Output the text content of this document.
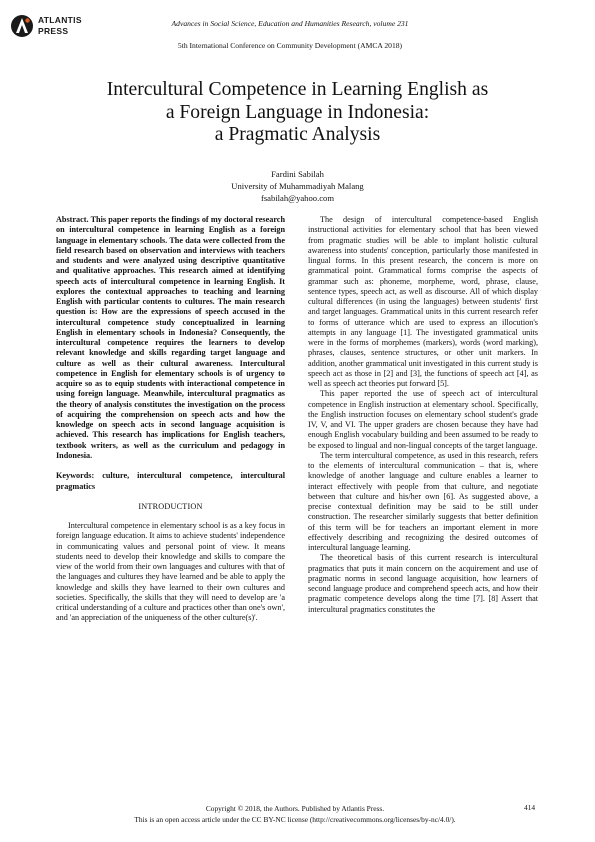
ATLANTIS
PRESS
Advances in Social Science, Education and Humanities Research, volume 231
5th International Conference on Community Development (AMCA 2018)
Intercultural Competence in Learning English as
a Foreign Language in Indonesia:
a Pragmatic Analysis
Fardini Sabilah
University of Muhammadiyah Malang
fsabilah@yahoo.com

Abstract. This paper reports the findings of my doctoral research on intercultural competence in learning English as a foreign language in elementary schools. The data were collected from the field research based on observation and interviews with teachers and students and were analyzed using descriptive quantitative and qualitative approaches. This research aimed at identifying speech acts of intercultural competence in learning English. It explores the contextual approaches to teaching and learning English with particular contents to cultures. The main research question is: How are the expressions of speech accused in the intercultural competence study conceptualized in learning English in elementary schools in Indonesia? Consequently, the intercultural competence requires the learners to develop relevant knowledge and skills regarding target language and culture as well as their cultural awareness. Intercultural competence in English for elementary schools is of urgency to acquire so as to equip students with interactional competence in using foreign language. Meanwhile, intercultural pragmatics as the theory of analysis constitutes the investigation on the process of acquiring the comprehension on speech acts and how the knowledge on speech acts in second language acquisition is achieved. This research has implications for English teachers, textbook writers, as well as the curriculum and pedagogy in Indonesia.

Keywords: culture, intercultural competence, intercultural pragmatics

INTRODUCTION

Intercultural competence in elementary school is as a key focus in foreign language education. It aims to achieve students' independence in communicating values and personal point of view. It means students need to develop their knowledge and skills to compare the view of the world from their own languages and cultures with that of the languages and cultures they have learned and be able to apply the knowledge and skills they have learned to their own cultures and societies. Specifically, the skills that they will need to develop are 'a critical understanding of a culture and practices other than one's own', and 'an appreciation of the uniqueness of the other culture(s)'.

The design of intercultural competence-based English instructional activities for elementary school that has been viewed from pragmatic studies will be able to implant holistic cultural awareness into students' conception, particularly those manifested in lingual forms. In this present research, the concern is more on grammatical point. Grammatical forms comprise the aspects of grammar such as: phoneme, morpheme, word, phrase, clause, sentence types, speech act, as well as discourse. All of which display cultural differences (in using the languages) between students' first and target languages. Grammatical units in this current research refer to forms of utterance which are used to express an illocution's attempts in any language [1]. The investigated grammatical units were in the forms of morphemes (markers), words (word marking), phrases, clauses, sentence structures, or other unit markers. In addition, another grammatical unit investigated in this current study is speech act as those in [2] and [3], the functions of speech act [4], as well as speech act theories put forward [5].

This paper reported the use of speech act of intercultural competence in English instruction at elementary school. Specifically, the English instruction focuses on elementary school student's grade IV, V, and VI. The upper graders are chosen because they have had enough English vocabulary building and been assumed to be ready to be exposed to lingual and non-lingual concepts of the target language.

The term intercultural competence, as used in this research, refers to the elements of intercultural communication – that is, where knowledge of another language and culture enables a learner to interact effectively with people from that culture, and negotiate between that culture and his/her own [6]. As suggested above, a precise contextual definition may be said to be still under construction. The researcher similarly suggests that better definition of this term will be for teachers an important element in more effectively describing and recognizing the desired outcomes of intercultural language learning.

The theoretical basis of this current research is intercultural pragmatics that puts it main concern on the acquirement and use of pragmatic norms in second language acquisition, how learners of second language produce and comprehend speech acts, and how their pragmatic competence develops along the time [7]. [8] Assert that intercultural pragmatics constitutes the

Copyright © 2018, the Authors. Published by Atlantis Press.
This is an open access article under the CC BY-NC license (http://creativecommons.org/licenses/by-nc/4.0/).
414
